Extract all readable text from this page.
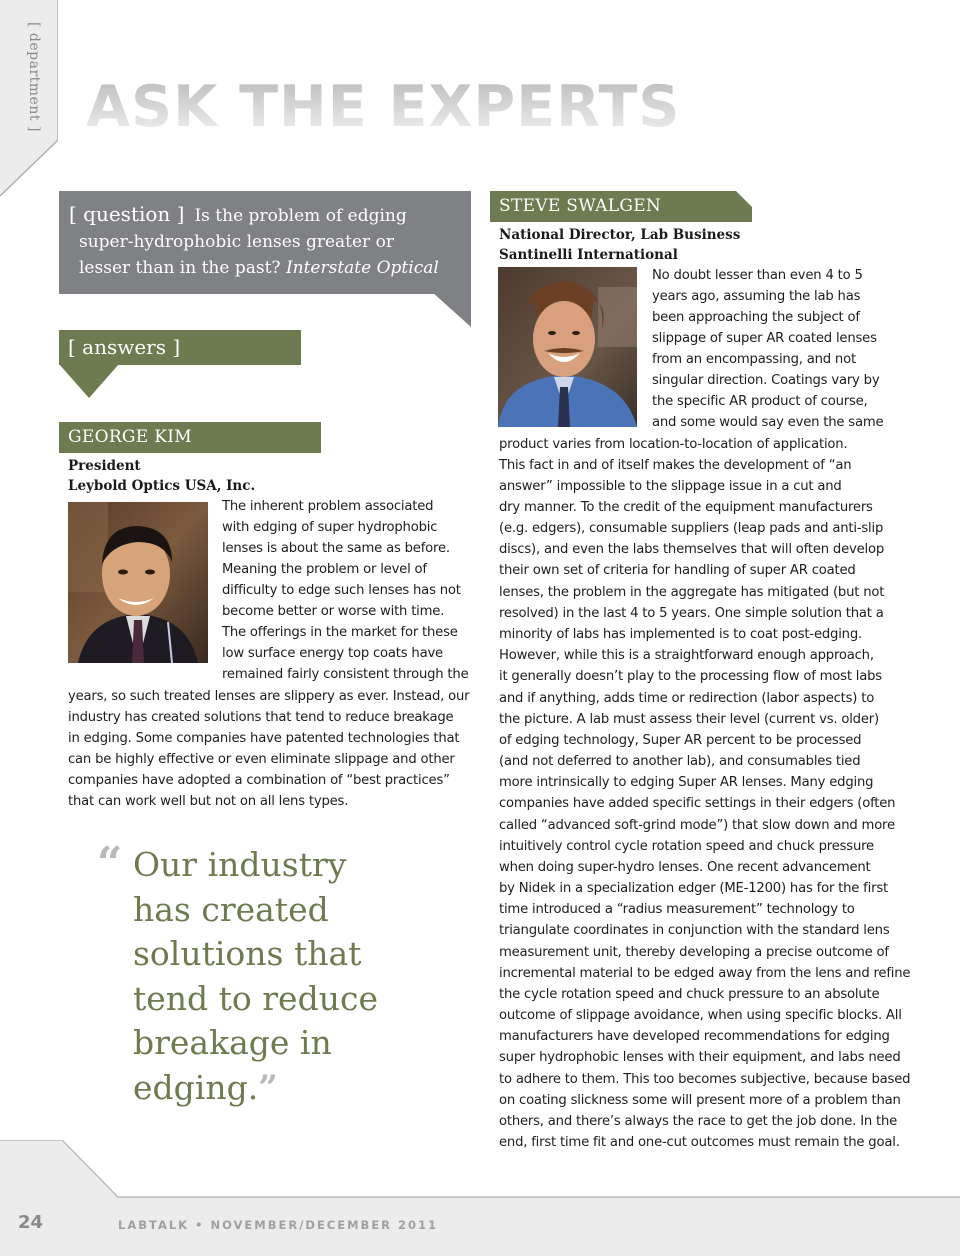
[ department ] ASK THE EXPERTS
[ question ] Is the problem of edging
super-hydrophobic lenses greater or
lesser than in the past? Interstate Optical
[ answers ]
GEORGE KIM
President
Leybold Optics USA, Inc.
The inherent problem associated
with edging of super hydrophobic
lenses is about the same as before.
Meaning the problem or level of
difficulty to edge such lenses has not
become better or worse with time.
The offerings in the market for these
low surface energy top coats have
remained fairly consistent through the
years, so such treated lenses are slippery as ever. Instead, our
industry has created solutions that tend to reduce breakage
in edging. Some companies have patented technologies that
can be highly effective or even eliminate slippage and other
companies have adopted a combination of “best practices”
that can work well but not on all lens types.
“ Our industry
has created
solutions that
tend to reduce
breakage in
edging.”
STEVE SWALGEN
National Director, Lab Business
Santinelli International
No doubt lesser than even 4 to 5
years ago, assuming the lab has
been approaching the subject of
slippage of super AR coated lenses
from an encompassing, and not
singular direction. Coatings vary by
the specific AR product of course,
and some would say even the same
product varies from location-to-location of application.
This fact in and of itself makes the development of “an
answer” impossible to the slippage issue in a cut and
dry manner. To the credit of the equipment manufacturers
(e.g. edgers), consumable suppliers (leap pads and anti-slip
discs), and even the labs themselves that will often develop
their own set of criteria for handling of super AR coated
lenses, the problem in the aggregate has mitigated (but not
resolved) in the last 4 to 5 years. One simple solution that a
minority of labs has implemented is to coat post-edging.
However, while this is a straightforward enough approach,
it generally doesn’t play to the processing flow of most labs
and if anything, adds time or redirection (labor aspects) to
the picture. A lab must assess their level (current vs. older)
of edging technology, Super AR percent to be processed
(and not deferred to another lab), and consumables tied
more intrinsically to edging Super AR lenses. Many edging
companies have added specific settings in their edgers (often
called “advanced soft-grind mode”) that slow down and more
intuitively control cycle rotation speed and chuck pressure
when doing super-hydro lenses. One recent advancement
by Nidek in a specialization edger (ME-1200) has for the first
time introduced a “radius measurement” technology to
triangulate coordinates in conjunction with the standard lens
measurement unit, thereby developing a precise outcome of
incremental material to be edged away from the lens and refine
the cycle rotation speed and chuck pressure to an absolute
outcome of slippage avoidance, when using specific blocks. All
manufacturers have developed recommendations for edging
super hydrophobic lenses with their equipment, and labs need
to adhere to them. This too becomes subjective, because based
on coating slickness some will present more of a problem than
others, and there’s always the race to get the job done. In the
end, first time fit and one-cut outcomes must remain the goal.
24	LABTALK • NOVEMBER/DECEMBER 2011
